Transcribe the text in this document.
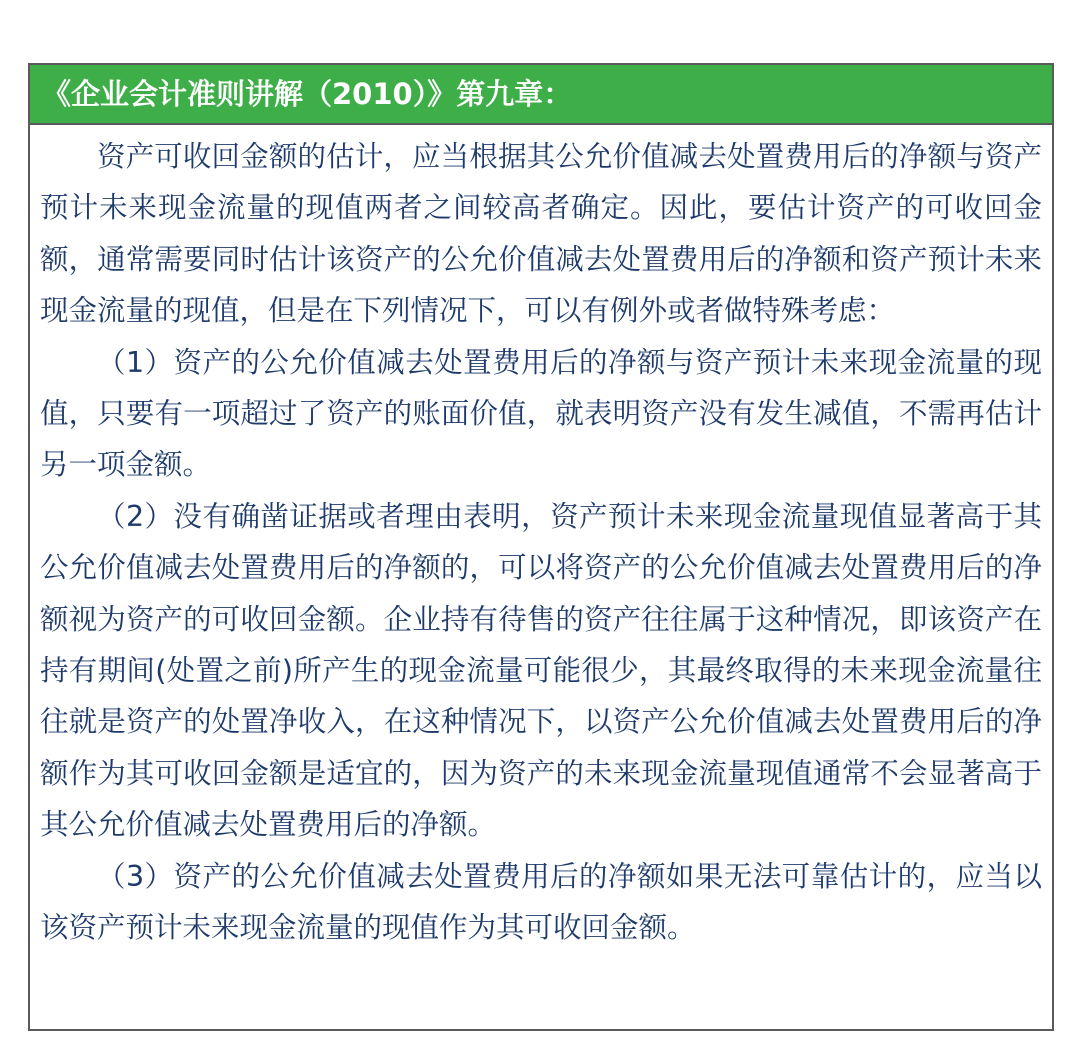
《企业会计准则讲解（2010）》第九章：

资产可收回金额的估计，应当根据其公允价值减去处置费用后的净额与资产预计未来现金流量的现值两者之间较高者确定。因此，要估计资产的可收回金额，通常需要同时估计该资产的公允价值减去处置费用后的净额和资产预计未来现金流量的现值，但是在下列情况下，可以有例外或者做特殊考虑：

（1）资产的公允价值减去处置费用后的净额与资产预计未来现金流量的现值，只要有一项超过了资产的账面价值，就表明资产没有发生减值，不需再估计另一项金额。

（2）没有确凿证据或者理由表明，资产预计未来现金流量现值显著高于其公允价值减去处置费用后的净额的，可以将资产的公允价值减去处置费用后的净额视为资产的可收回金额。企业持有待售的资产往往属于这种情况，即该资产在持有期间(处置之前)所产生的现金流量可能很少，其最终取得的未来现金流量往往就是资产的处置净收入，在这种情况下，以资产公允价值减去处置费用后的净额作为其可收回金额是适宜的，因为资产的未来现金流量现值通常不会显著高于其公允价值减去处置费用后的净额。

（3）资产的公允价值减去处置费用后的净额如果无法可靠估计的，应当以该资产预计未来现金流量的现值作为其可收回金额。
